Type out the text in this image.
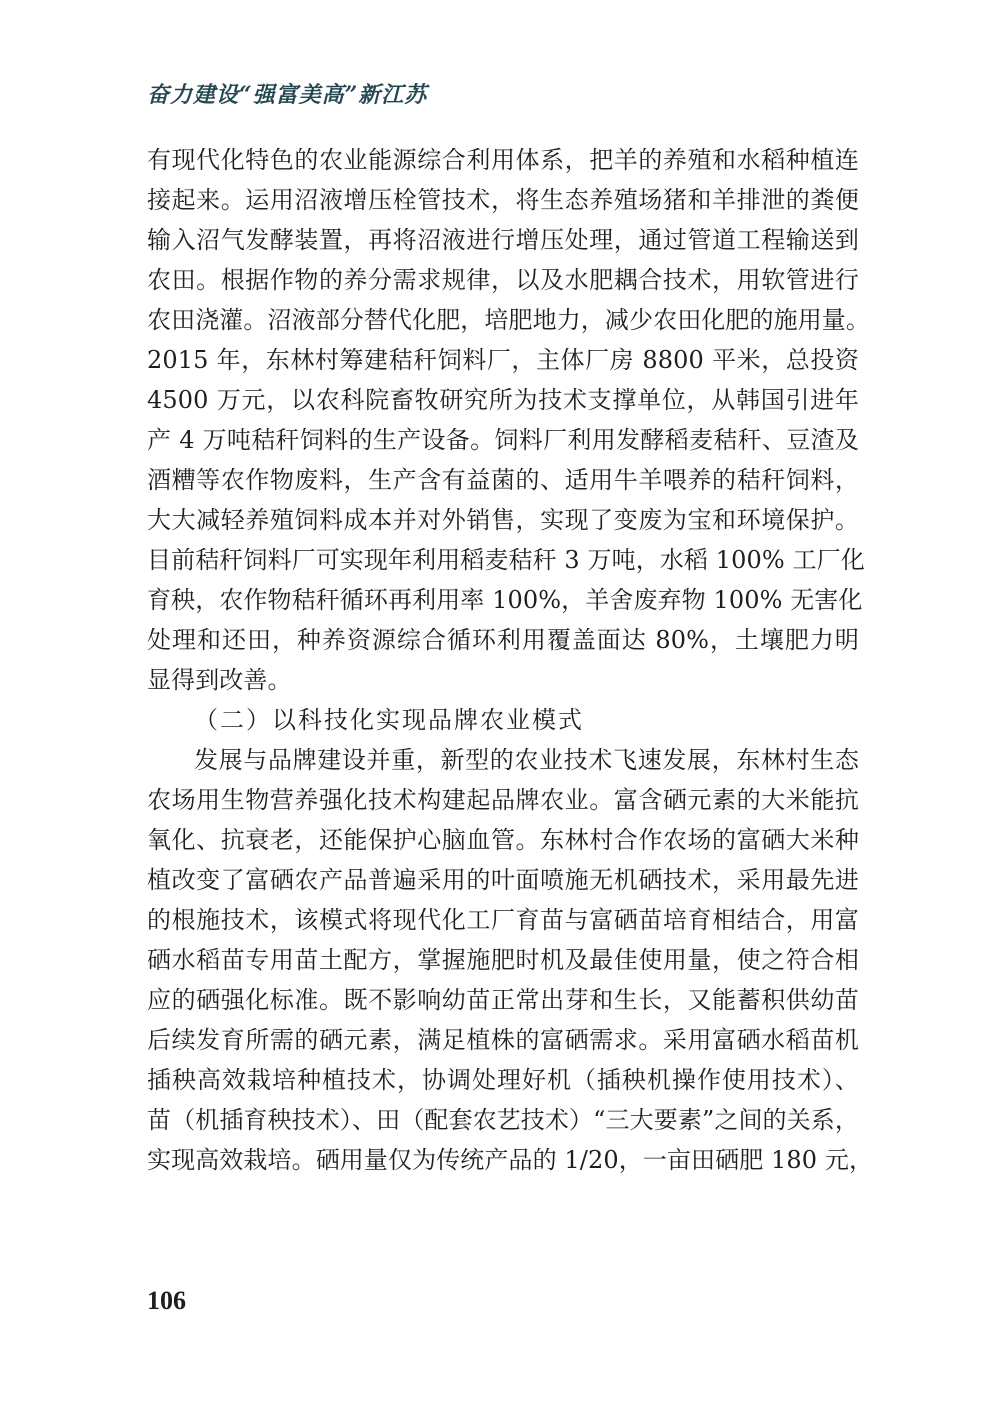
奋力建设“强富美高”新江苏
有现代化特色的农业能源综合利用体系，把羊的养殖和水稻种植连
接起来。运用沼液增压栓管技术，将生态养殖场猪和羊排泄的粪便
输入沼气发酵装置，再将沼液进行增压处理，通过管道工程输送到
农田。根据作物的养分需求规律，以及水肥耦合技术，用软管进行
农田浇灌。沼液部分替代化肥，培肥地力，减少农田化肥的施用量。
2015 年，东林村筹建秸秆饲料厂，主体厂房 8800 平米，总投资
4500 万元，以农科院畜牧研究所为技术支撑单位，从韩国引进年
产 4 万吨秸秆饲料的生产设备。饲料厂利用发酵稻麦秸秆、豆渣及
酒糟等农作物废料，生产含有益菌的、适用牛羊喂养的秸秆饲料，
大大减轻养殖饲料成本并对外销售，实现了变废为宝和环境保护。
目前秸秆饲料厂可实现年利用稻麦秸秆 3 万吨，水稻 100% 工厂化
育秧，农作物秸秆循环再利用率 100%，羊舍废弃物 100% 无害化
处理和还田，种养资源综合循环利用覆盖面达 80%，土壤肥力明
显得到改善。
（二）以科技化实现品牌农业模式
发展与品牌建设并重，新型的农业技术飞速发展，东林村生态
农场用生物营养强化技术构建起品牌农业。富含硒元素的大米能抗
氧化、抗衰老，还能保护心脑血管。东林村合作农场的富硒大米种
植改变了富硒农产品普遍采用的叶面喷施无机硒技术，采用最先进
的根施技术，该模式将现代化工厂育苗与富硒苗培育相结合，用富
硒水稻苗专用苗土配方，掌握施肥时机及最佳使用量，使之符合相
应的硒强化标准。既不影响幼苗正常出芽和生长，又能蓄积供幼苗
后续发育所需的硒元素，满足植株的富硒需求。采用富硒水稻苗机
插秧高效栽培种植技术，协调处理好机（插秧机操作使用技术）、
苗（机插育秧技术）、田（配套农艺技术）“三大要素”之间的关系，
实现高效栽培。硒用量仅为传统产品的 1/20，一亩田硒肥 180 元，
106
